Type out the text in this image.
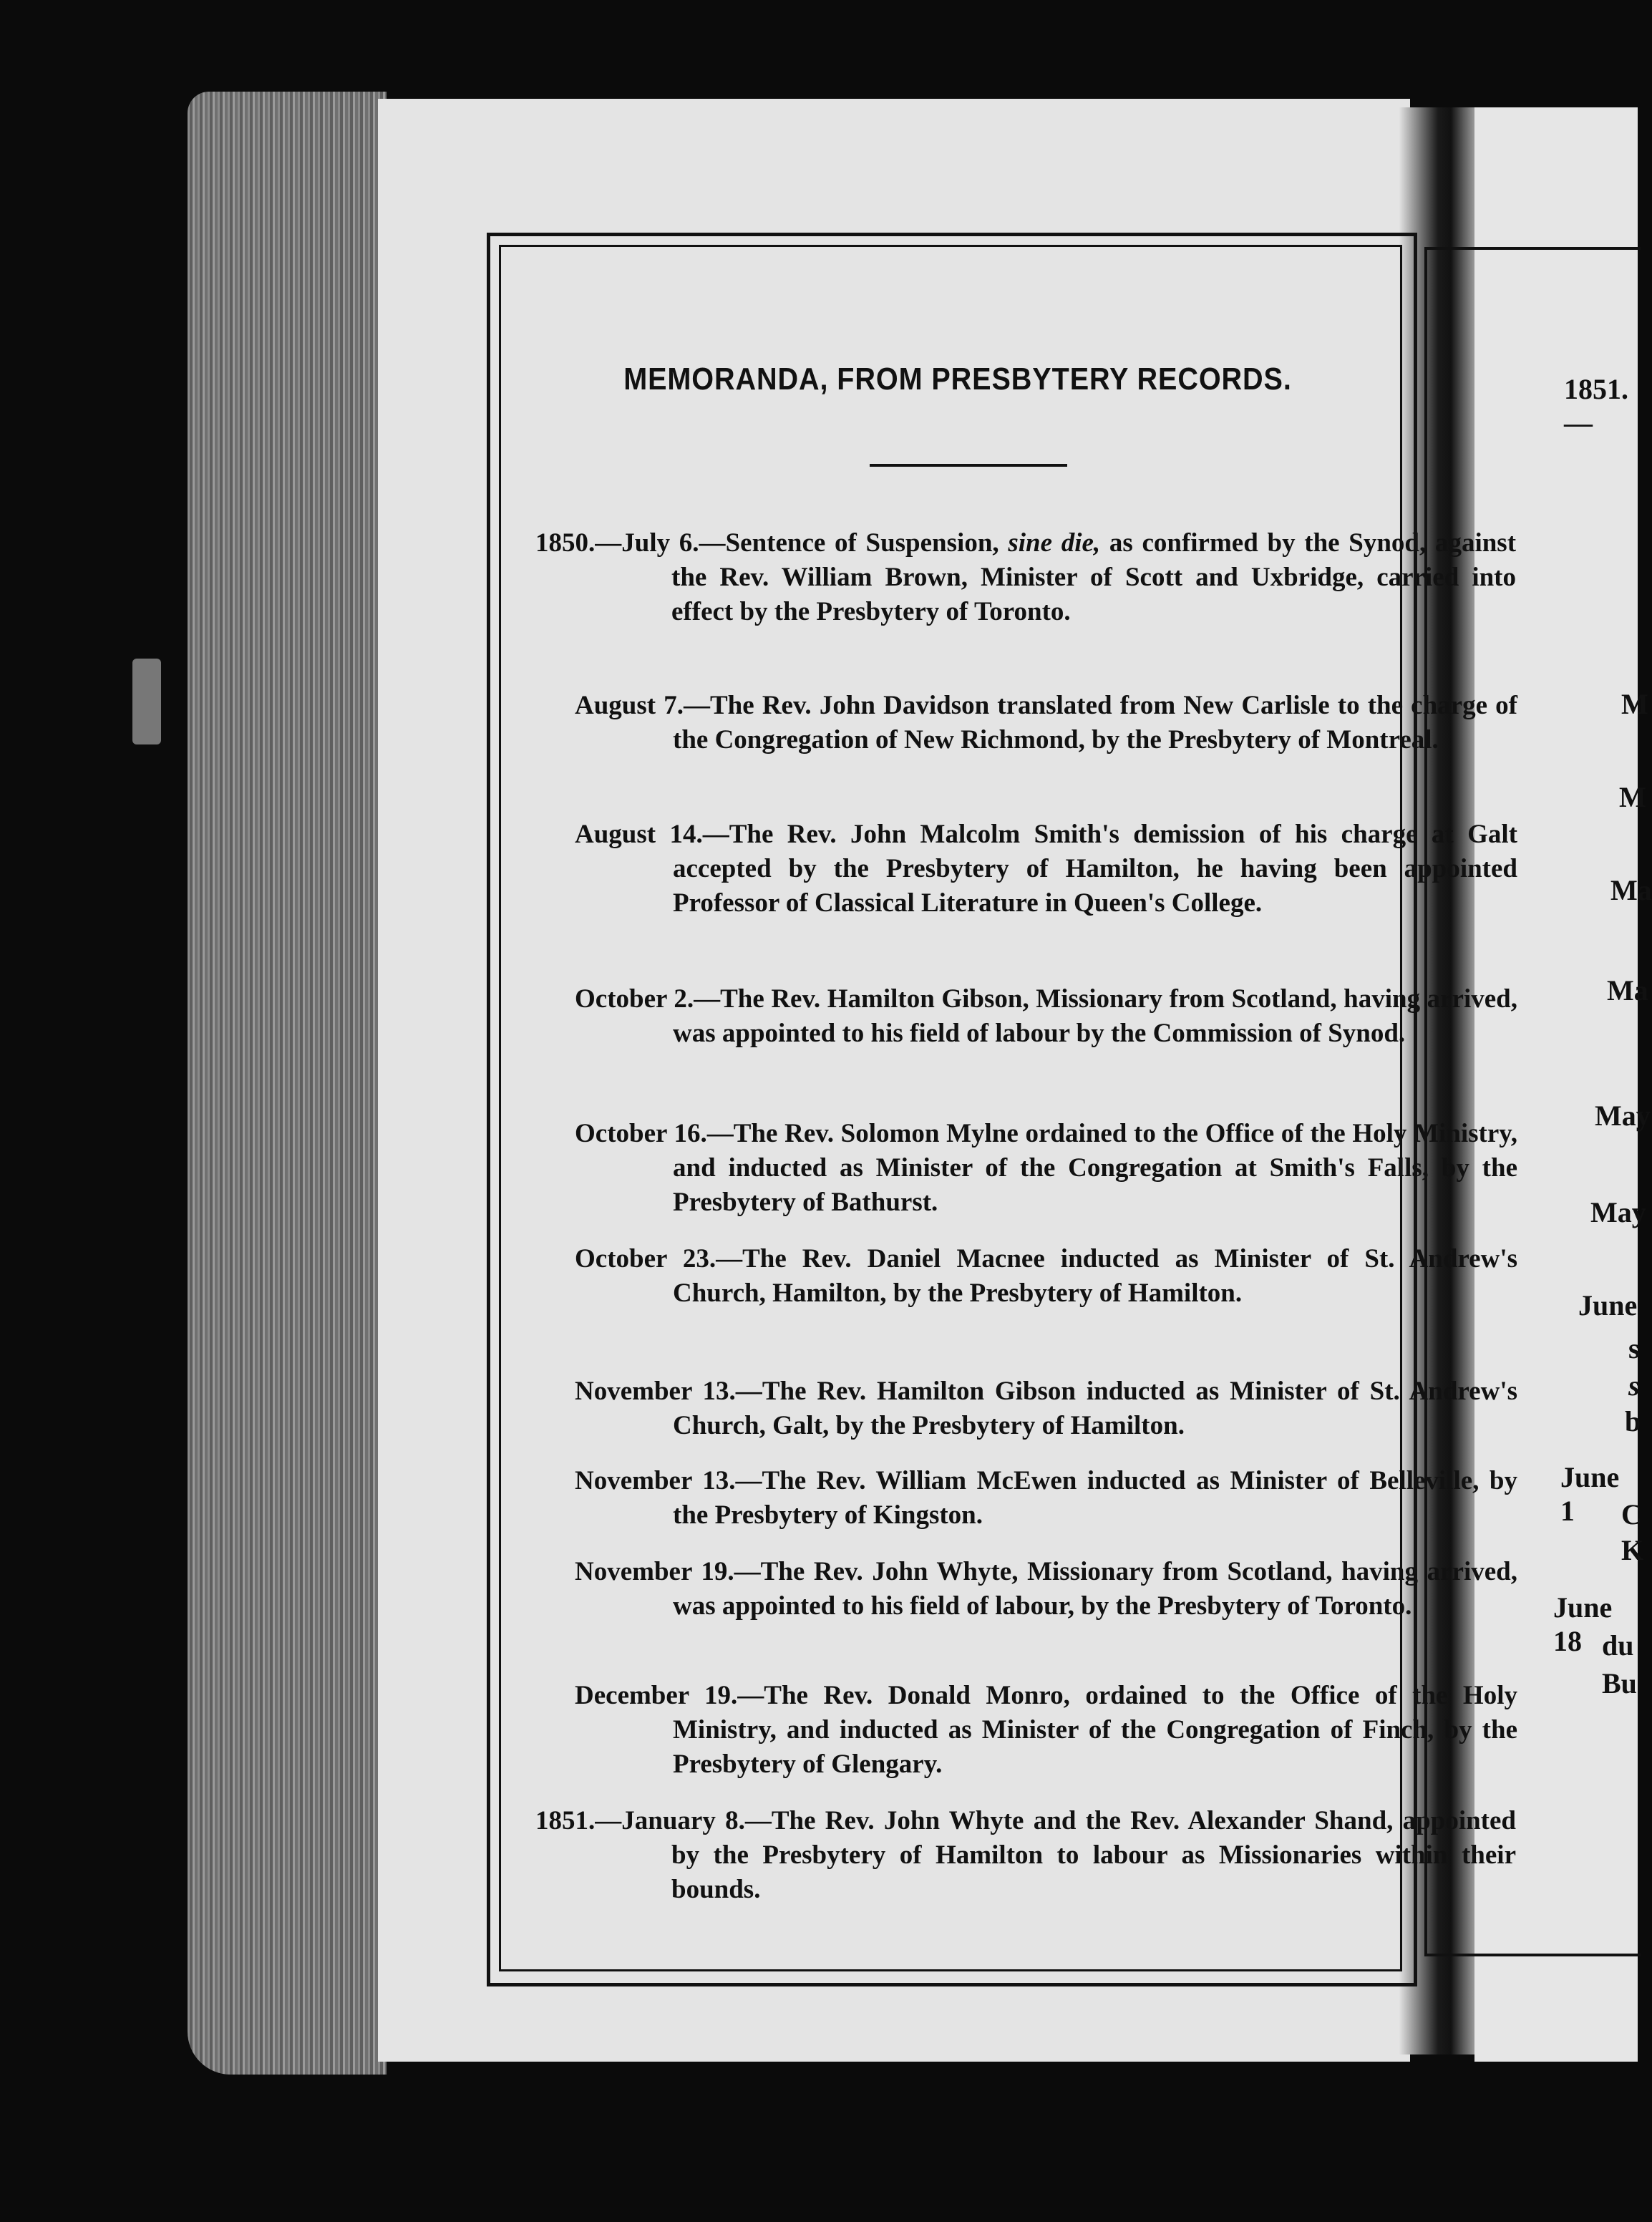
MEMORANDA, FROM PRESBYTERY RECORDS.
1850.—July 6.—Sentence of Suspension, sine die, as confirmed by the Synod, against the Rev. William Brown, Minister of Scott and Uxbridge, carried into effect by the Presbytery of Toronto.
August 7.—The Rev. John Davidson translated from New Carlisle to the charge of the Congregation of New Richmond, by the Presbytery of Montreal.
August 14.—The Rev. John Malcolm Smith's demission of his charge at Galt accepted by the Presbytery of Hamilton, he having been appointed Professor of Classical Literature in Queen's College.
October 2.—The Rev. Hamilton Gibson, Missionary from Scotland, having arrived, was appointed to his field of labour by the Commission of Synod.
October 16.—The Rev. Solomon Mylne ordained to the Office of the Holy Ministry, and inducted as Minister of the Congregation at Smith's Falls, by the Presbytery of Bathurst.
October 23.—The Rev. Daniel Macnee inducted as Minister of St. Andrew's Church, Hamilton, by the Presbytery of Hamilton.
November 13.—The Rev. Hamilton Gibson inducted as Minister of St. Andrew's Church, Galt, by the Presbytery of Hamilton.
November 13.—The Rev. William McEwen inducted as Minister of Belleville, by the Presbytery of Kingston.
November 19.—The Rev. John Whyte, Missionary from Scotland, having arrived, was appointed to his field of labour, by the Presbytery of Toronto.
December 19.—The Rev. Donald Monro, ordained to the Office of the Holy Ministry, and inducted as Minister of the Congregation of Finch, by the Presbytery of Glengary.
1851.—January 8.—The Rev. John Whyte and the Rev. Alexander Shand, appointed by the Presbytery of Hamilton to labour as Missionaries within their bounds.
1851.—
M
M
Ma
Ma
May
May
June
s
s
b
June 1	C
K
June 18 du
Bu
